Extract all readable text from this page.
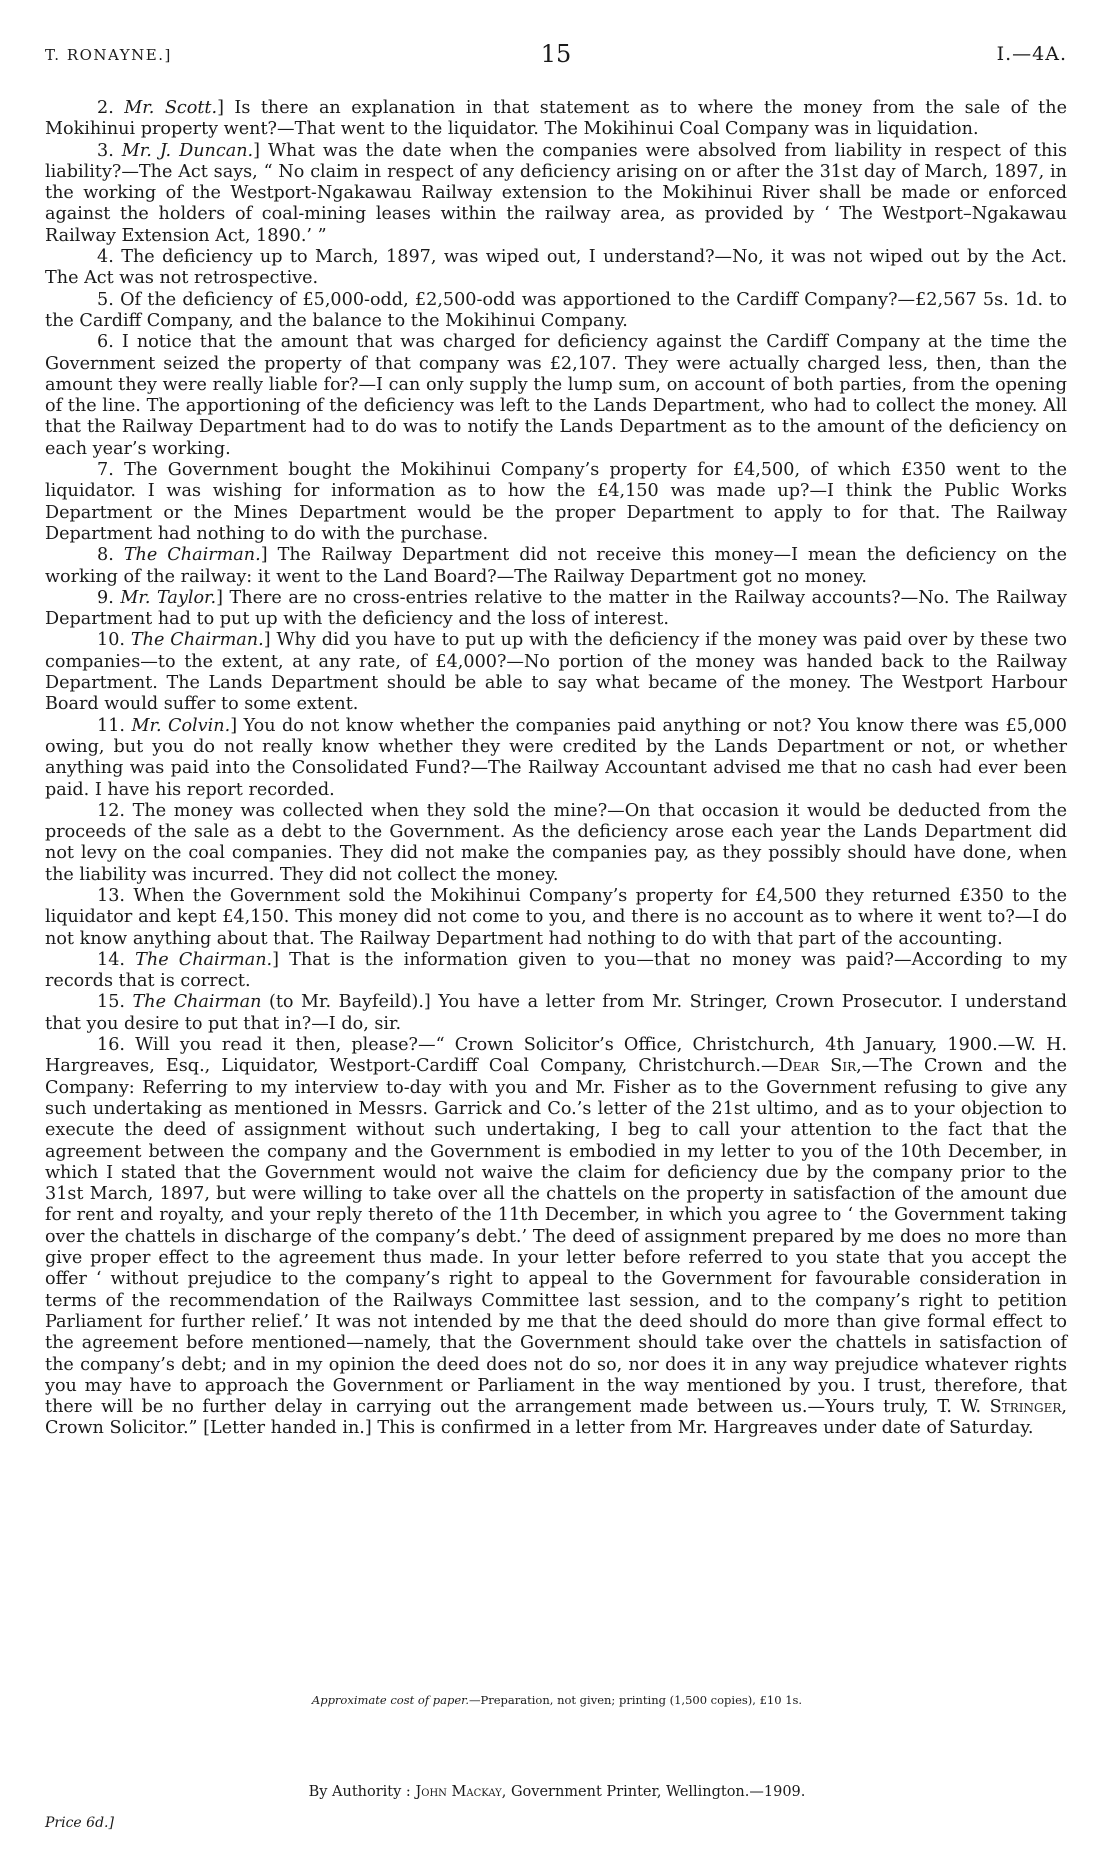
T. RONAYNE.]	15	I.—4A.

2. Mr. Scott.] Is there an explanation in that statement as to where the money from the sale of the Mokihinui property went?—That went to the liquidator. The Mokihinui Coal Company was in liquidation.

3. Mr. J. Duncan.] What was the date when the companies were absolved from liability in respect of this liability?—The Act says, “ No claim in respect of any deficiency arising on or after the 31st day of March, 1897, in the working of the Westport-Ngakawau Railway extension to the Mokihinui River shall be made or enforced against the holders of coal-mining leases within the railway area, as provided by ‘ The Westport–Ngakawau Railway Extension Act, 1890.’ ”

4. The deficiency up to March, 1897, was wiped out, I understand?—No, it was not wiped out by the Act. The Act was not retrospective.

5. Of the deficiency of £5,000-odd, £2,500-odd was apportioned to the Cardiff Company?—£2,567 5s. 1d. to the Cardiff Company, and the balance to the Mokihinui Company.

6. I notice that the amount that was charged for deficiency against the Cardiff Company at the time the Government seized the property of that company was £2,107. They were actually charged less, then, than the amount they were really liable for?—I can only supply the lump sum, on account of both parties, from the opening of the line. The apportioning of the deficiency was left to the Lands Department, who had to collect the money. All that the Railway Department had to do was to notify the Lands Department as to the amount of the deficiency on each year’s working.

7. The Government bought the Mokihinui Company’s property for £4,500, of which £350 went to the liquidator. I was wishing for information as to how the £4,150 was made up?—I think the Public Works Department or the Mines Department would be the proper Department to apply to for that. The Railway Department had nothing to do with the purchase.

8. The Chairman.] The Railway Department did not receive this money—I mean the deficiency on the working of the railway: it went to the Land Board?—The Railway Department got no money.

9. Mr. Taylor.] There are no cross-entries relative to the matter in the Railway accounts?—No. The Railway Department had to put up with the deficiency and the loss of interest.

10. The Chairman.] Why did you have to put up with the deficiency if the money was paid over by these two companies—to the extent, at any rate, of £4,000?—No portion of the money was handed back to the Railway Department. The Lands Department should be able to say what became of the money. The Westport Harbour Board would suffer to some extent.

11. Mr. Colvin.] You do not know whether the companies paid anything or not? You know there was £5,000 owing, but you do not really know whether they were credited by the Lands Department or not, or whether anything was paid into the Consolidated Fund?—The Railway Accountant advised me that no cash had ever been paid. I have his report recorded.

12. The money was collected when they sold the mine?—On that occasion it would be deducted from the proceeds of the sale as a debt to the Government. As the deficiency arose each year the Lands Department did not levy on the coal companies. They did not make the companies pay, as they possibly should have done, when the liability was incurred. They did not collect the money.

13. When the Government sold the Mokihinui Company’s property for £4,500 they returned £350 to the liquidator and kept £4,150. This money did not come to you, and there is no account as to where it went to?—I do not know anything about that. The Railway Department had nothing to do with that part of the accounting.

14. The Chairman.] That is the information given to you—that no money was paid?—According to my records that is correct.

15. The Chairman (to Mr. Bayfeild).] You have a letter from Mr. Stringer, Crown Prosecutor. I understand that you desire to put that in?—I do, sir.

16. Will you read it then, please?—“ Crown Solicitor’s Office, Christchurch, 4th January, 1900.—W. H. Hargreaves, Esq., Liquidator, Westport-Cardiff Coal Company, Christchurch.—Dear Sir,—The Crown and the Company: Referring to my interview to-day with you and Mr. Fisher as to the Government refusing to give any such undertaking as mentioned in Messrs. Garrick and Co.’s letter of the 21st ultimo, and as to your objection to execute the deed of assignment without such undertaking, I beg to call your attention to the fact that the agreement between the company and the Government is embodied in my letter to you of the 10th December, in which I stated that the Government would not waive the claim for deficiency due by the company prior to the 31st March, 1897, but were willing to take over all the chattels on the property in satisfaction of the amount due for rent and royalty, and your reply thereto of the 11th December, in which you agree to ‘ the Government taking over the chattels in discharge of the company’s debt.’ The deed of assignment prepared by me does no more than give proper effect to the agreement thus made. In your letter before referred to you state that you accept the offer ‘ without prejudice to the company’s right to appeal to the Government for favourable consideration in terms of the recommendation of the Railways Committee last session, and to the company’s right to petition Parliament for further relief.’ It was not intended by me that the deed should do more than give formal effect to the agreement before mentioned—namely, that the Government should take over the chattels in satisfaction of the company’s debt; and in my opinion the deed does not do so, nor does it in any way prejudice whatever rights you may have to approach the Government or Parliament in the way mentioned by you. I trust, therefore, that there will be no further delay in carrying out the arrangement made between us.—Yours truly, T. W. Stringer, Crown Solicitor.” [Letter handed in.] This is confirmed in a letter from Mr. Hargreaves under date of Saturday.

Approximate cost of paper.—Preparation, not given; printing (1,500 copies), £10 1s.
By Authority : John Mackay, Government Printer, Wellington.—1909.
Price 6d.]
